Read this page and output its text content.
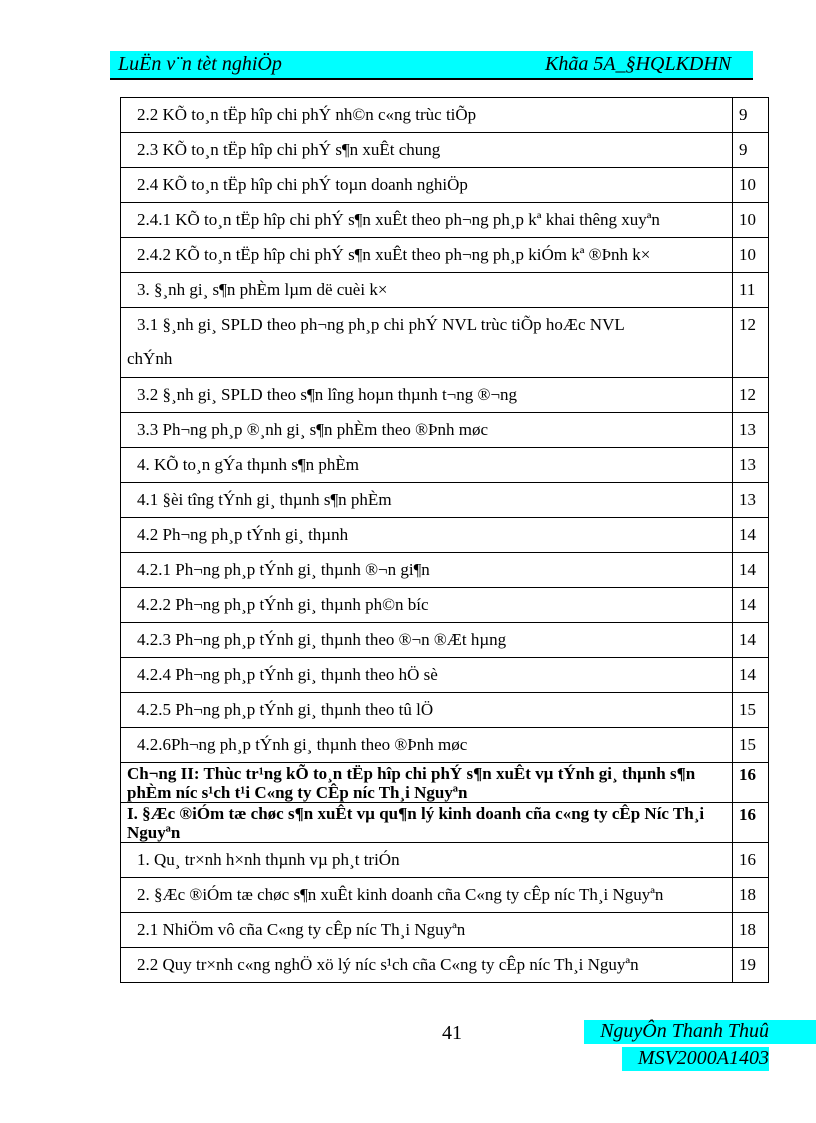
LuËn v¨n tèt nghiÖp	Khãa 5A_§HQLKDHN
2.2 KÕ to¸n tËp hîp chi phÝ nh©n c«ng trùc tiÕp	9
2.3 KÕ to¸n tËp hîp chi phÝ s¶n xuÊt chung	9
2.4 KÕ to¸n tËp hîp chi phÝ toµn doanh nghiÖp	10
2.4.1 KÕ to¸n tËp hîp chi phÝ s¶n xuÊt theo ph¬ng ph¸p kª khai thêng xuyªn	10
2.4.2 KÕ to¸n tËp hîp chi phÝ s¶n xuÊt theo ph¬ng ph¸p kiÓm kª ®Þnh k×	10
3. §¸nh gi¸ s¶n phÈm lµm dë cuèi k×	11
3.1 §¸nh gi¸ SPLD theo ph¬ng ph¸p chi phÝ NVL trùc tiÕp hoÆc NVL
chÝnh	12
3.2 §¸nh gi¸ SPLD theo s¶n lîng hoµn thµnh t¬ng ®¬ng	12
3.3 Ph¬ng ph¸p ®¸nh gi¸ s¶n phÈm theo ®Þnh møc	13
4. KÕ to¸n gÝa thµnh s¶n phÈm	13
4.1 §èi tîng tÝnh gi¸ thµnh s¶n phÈm	13
4.2 Ph¬ng ph¸p tÝnh gi¸ thµnh	14
4.2.1 Ph¬ng ph¸p tÝnh gi¸ thµnh ®¬n gi¶n	14
4.2.2 Ph¬ng ph¸p tÝnh gi¸ thµnh ph©n bíc	14
4.2.3 Ph¬ng ph¸p tÝnh gi¸ thµnh theo ®¬n ®Æt hµng	14
4.2.4 Ph¬ng ph¸p tÝnh gi¸ thµnh theo hÖ sè	14
4.2.5 Ph¬ng ph¸p tÝnh gi¸ thµnh theo tû lÖ	15
4.2.6Ph¬ng ph¸p tÝnh gi¸ thµnh theo ®Þnh møc	15
Ch¬ng II: Thùc tr¹ng kÕ to¸n tËp hîp chi phÝ s¶n xuÊt vµ tÝnh gi¸ thµnh s¶n phÈm níc s¹ch t¹i C«ng ty CÊp níc Th¸i Nguyªn	16
I. §Æc ®iÓm tæ chøc s¶n xuÊt vµ qu¶n lý kinh doanh cña c«ng ty cÊp Níc Th¸i Nguyªn	16
1. Qu¸ tr×nh h×nh thµnh vµ ph¸t triÓn	16
2. §Æc ®iÓm tæ chøc s¶n xuÊt kinh doanh cña C«ng ty cÊp níc Th¸i Nguyªn	18
2.1 NhiÖm vô cña C«ng ty cÊp níc Th¸i Nguyªn	18
2.2 Quy tr×nh c«ng nghÖ xö lý níc s¹ch cña C«ng ty cÊp níc Th¸i Nguyªn	19
41	NguyÔn Thanh Thuû
MSV2000A1403
